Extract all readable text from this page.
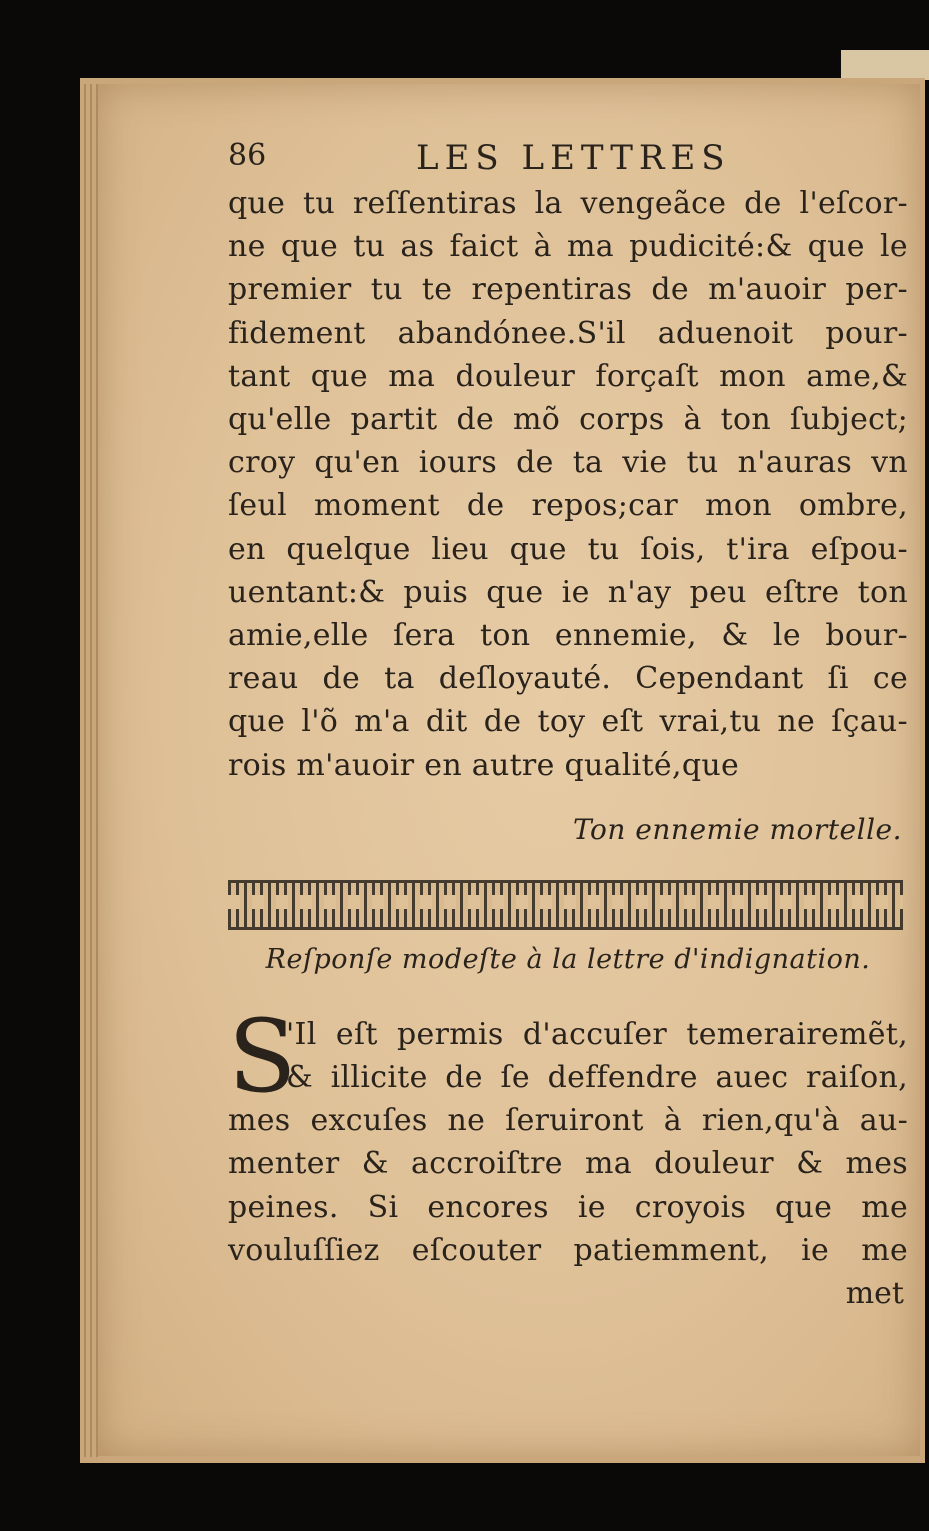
86	LES LETTRES
que tu reſſentiras la vengeãce de l'eſcor-
ne que tu as faict à ma pudicité:& que le
premier tu te repentiras de m'auoir per-
fidement abandónee.S'il aduenoit pour-
tant que ma douleur forçaſt mon ame,&
qu'elle partit de mõ corps à ton ſubject;
croy qu'en iours de ta vie tu n'auras vn
ſeul moment de repos;car mon ombre,
en quelque lieu que tu ſois, t'ira eſpou-
uentant:& puis que ie n'ay peu eſtre ton
amie,elle ſera ton ennemie, & le bour-
reau de ta deſloyauté. Cependant ſi ce
que l'õ m'a dit de toy eſt vrai,tu ne ſçau-
rois m'auoir en autre qualité,que
Ton ennemie mortelle.
Reſponſe modeſte à la lettre d'indignation.
S
'Il eſt permis d'accuſer temerairemẽt,
& illicite de ſe deffendre auec raiſon,
mes excuſes ne ſeruiront à rien,qu'à au-
menter & accroiſtre ma douleur & mes
peines. Si encores ie croyois que me
vouluſſiez eſcouter patiemment, ie me
met
